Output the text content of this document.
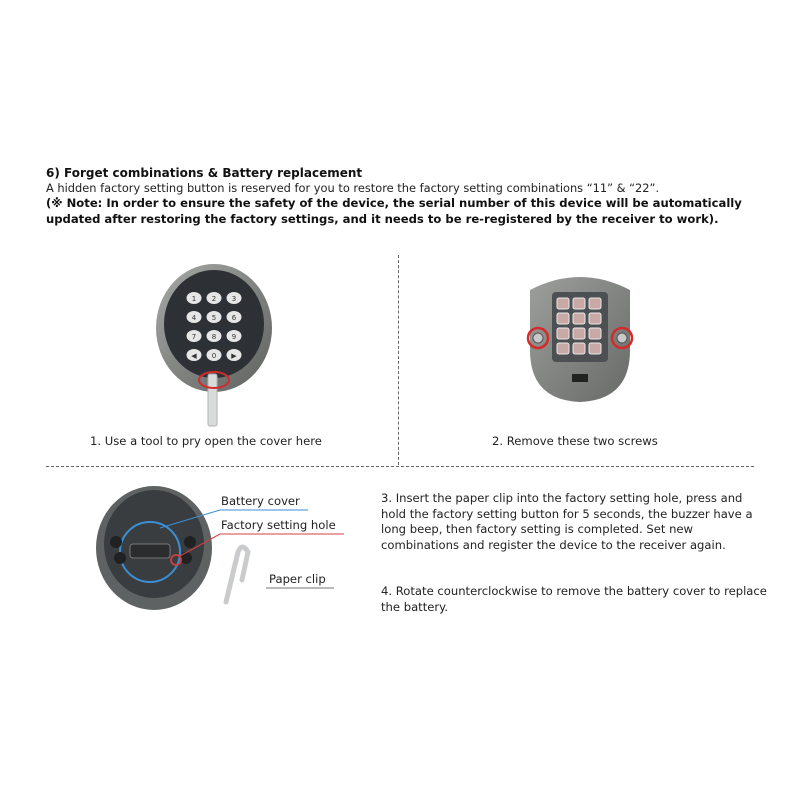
6) Forget combinations & Battery replacement
A hidden factory setting button is reserved for you to restore the factory setting combinations “11” & “22”.
(※ Note: In order to ensure the safety of the device, the serial number of this device will be automatically updated after restoring the factory settings, and it needs to be re-registered by the receiver to work).
1 2 3
4 5 6
7 8 9
◀ 0 ▶
1. Use a tool to pry open the cover here	2. Remove these two screws
Battery cover
Factory setting hole
Paper clip
3. Insert the paper clip into the factory setting hole, press and hold the factory setting button for 5 seconds, the buzzer have a long beep, then factory setting is completed. Set new combinations and register the device to the receiver again.
4. Rotate counterclockwise to remove the battery cover to replace the battery.
